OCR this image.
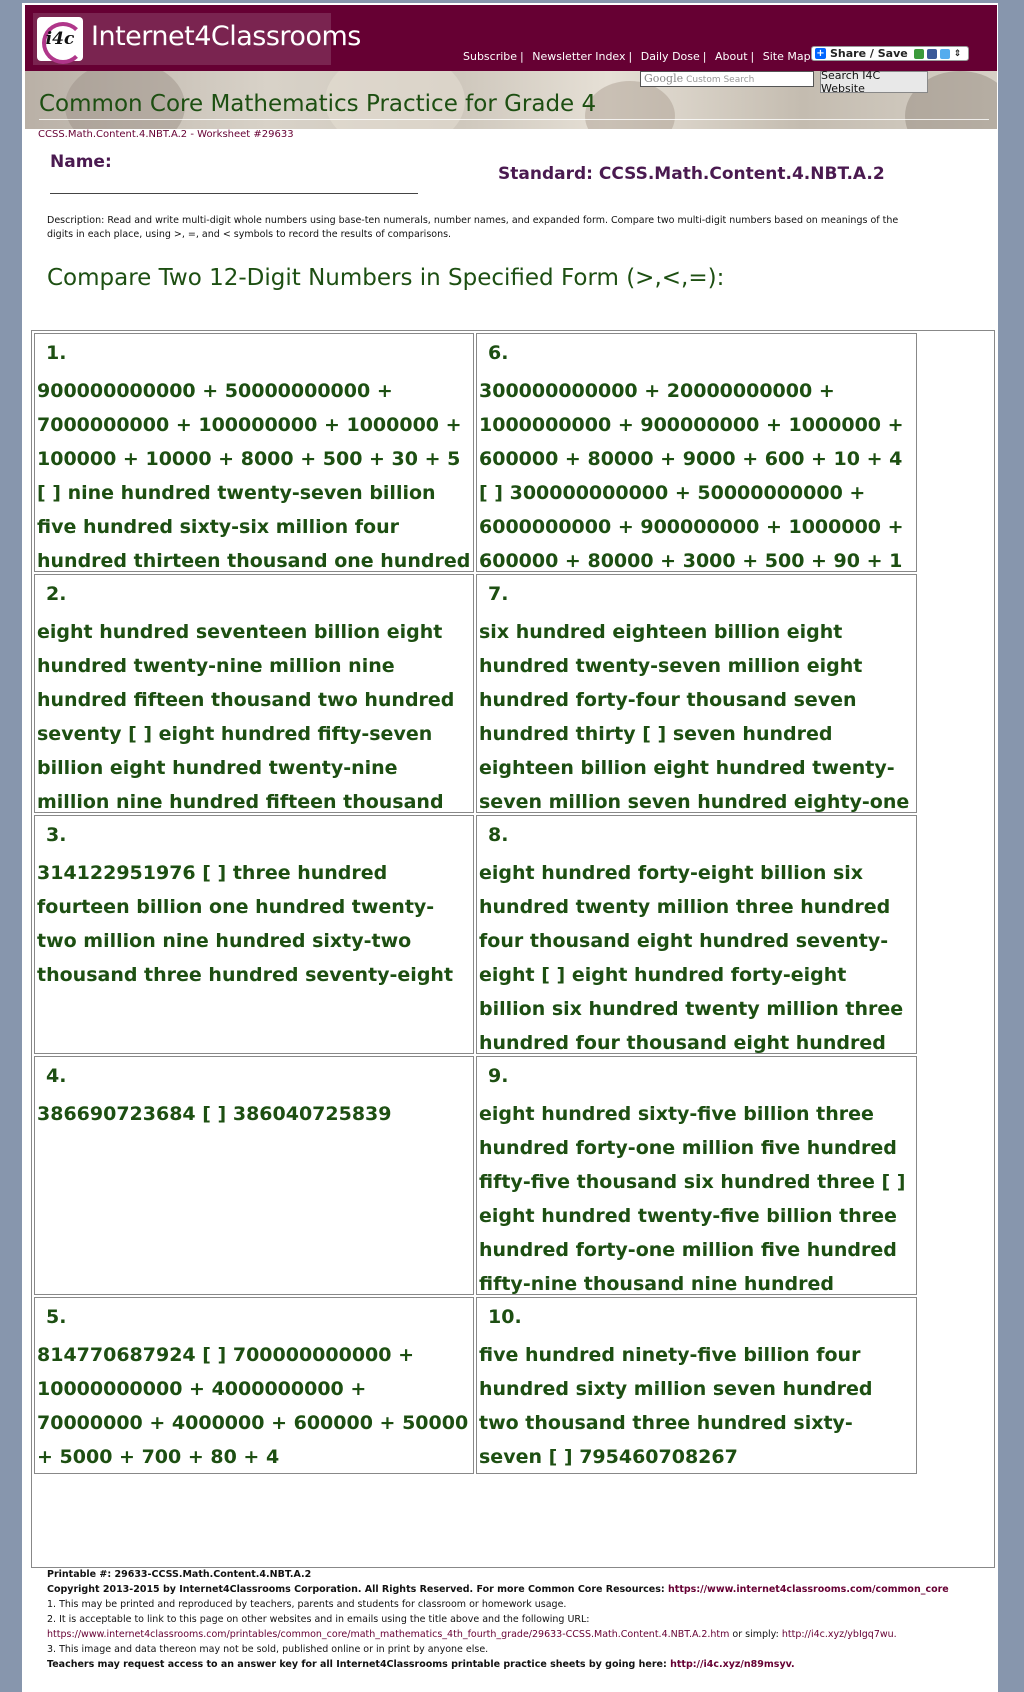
i4c Internet4Classrooms
Subscribe | Newsletter Index | Daily Dose | About | Site Map + Share / Save	⇕
Google Custom Search	Search I4C Website
Common Core Mathematics Practice for Grade 4
CCSS.Math.Content.4.NBT.A.2 - Worksheet #29633
Name:
Standard: CCSS.Math.Content.4.NBT.A.2
Description: Read and write multi-digit whole numbers using base-ten numerals, number names, and expanded form. Compare two multi-digit numbers based on meanings of the digits in each place, using >, =, and < symbols to record the results of comparisons.
Compare Two 12-Digit Numbers in Specified Form (>,<,=):
1.
900000000000 + 50000000000 + 7000000000 + 100000000 + 1000000 + 100000 + 10000 + 8000 + 500 + 30 + 5 [ ] nine hundred twenty-seven billion five hundred sixty-six million four hundred thirteen thousand one hundred
2.
eight hundred seventeen billion eight hundred twenty-nine million nine hundred fifteen thousand two hundred seventy [ ] eight hundred fifty-seven billion eight hundred twenty-nine million nine hundred fifteen thousand
3.
314122951976 [ ] three hundred fourteen billion one hundred twenty-two million nine hundred sixty-two thousand three hundred seventy-eight
4.
386690723684 [ ] 386040725839
5.
814770687924 [ ] 700000000000 + 10000000000 + 4000000000 + 70000000 + 4000000 + 600000 + 50000 + 5000 + 700 + 80 + 4
6.
300000000000 + 20000000000 + 1000000000 + 900000000 + 1000000 + 600000 + 80000 + 9000 + 600 + 10 + 4 [ ] 300000000000 + 50000000000 + 6000000000 + 900000000 + 1000000 + 600000 + 80000 + 3000 + 500 + 90 + 1
7.
six hundred eighteen billion eight hundred twenty-seven million eight hundred forty-four thousand seven hundred thirty [ ] seven hundred eighteen billion eight hundred twenty-seven million seven hundred eighty-one
8.
eight hundred forty-eight billion six hundred twenty million three hundred four thousand eight hundred seventy-eight [ ] eight hundred forty-eight billion six hundred twenty million three hundred four thousand eight hundred
9.
eight hundred sixty-five billion three hundred forty-one million five hundred fifty-five thousand six hundred three [ ] eight hundred twenty-five billion three hundred forty-one million five hundred fifty-nine thousand nine hundred
10.
five hundred ninety-five billion four hundred sixty million seven hundred two thousand three hundred sixty-seven [ ] 795460708267
Printable #: 29633-CCSS.Math.Content.4.NBT.A.2
Copyright 2013-2015 by Internet4Classrooms Corporation. All Rights Reserved. For more Common Core Resources: https://www.internet4classrooms.com/common_core
1. This may be printed and reproduced by teachers, parents and students for classroom or homework usage.
2. It is acceptable to link to this page on other websites and in emails using the title above and the following URL:
https://www.internet4classrooms.com/printables/common_core/math_mathematics_4th_fourth_grade/29633-CCSS.Math.Content.4.NBT.A.2.htm or simply: http://i4c.xyz/ybIgq7wu.
3. This image and data thereon may not be sold, published online or in print by anyone else.
Teachers may request access to an answer key for all Internet4Classrooms printable practice sheets by going here: http://i4c.xyz/n89msyv.
